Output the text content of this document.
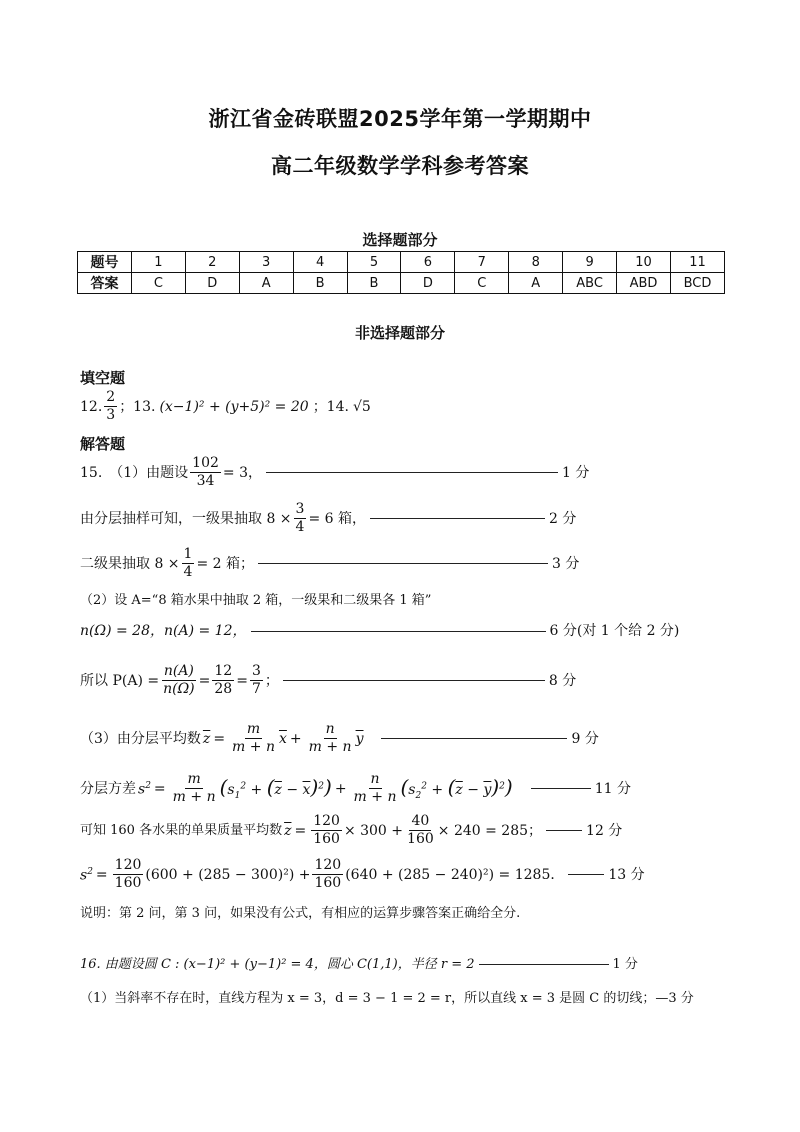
浙江省金砖联盟2025学年第一学期期中
高二年级数学学科参考答案
选择题部分
题号	1	2	3	4	5	6	7	8	9	10	11
答案	C	D	A	B	B	D	C	A	ABC	ABD	BCD
非选择题部分
填空题
12. $\frac{2}{3}$ ；13. (x−1)² + (y+5)² = 20 ；14. √5
解答题
15.　（1）由题设 $\frac{102}{34} = 3$，	1 分
由分层抽样可知，一级果抽取 $8 \times \frac{3}{4} = 6$ 箱，	2 分
二级果抽取 $8 \times \frac{1}{4} = 2$ 箱；	3 分
（2）设 A=“8 箱水果中抽取 2 箱，一级果和二级果各 1 箱”
n(Ω) = 28，n(A) = 12，	6 分(对 1 个给 2 分)
所以 $P(A) = \frac{n(A)}{n(\Omega)} = \frac{12}{28} = \frac{3}{7}$ ；	8 分
（3）由分层平均数 $\overline{z} = \frac{m}{m + n} \overline{x} + \frac{n}{m + n} \overline{y}$	9 分
分层方差 $s^2 = \frac{m}{m + n} (s_1^2 + (\overline{z} - \overline{x})^2) + \frac{n}{m + n} (s_2^2 + (\overline{z} - \overline{y})^2)$	11 分
可知 160 各水果的单果质量平均数 $\overline{z} = \frac{120}{160} \times 300 + \frac{40}{160} \times 240 = 285$；	12 分
$s^2 = \frac{120}{160} (600 + (285 - 300)^2) + \frac{120}{160} (640 + (285 - 240)^2) = 1285$．	13 分
说明：第 2 问，第 3 问，如果没有公式，有相应的运算步骤答案正确给全分.
16. 由题设圆 C : (x−1)² + (y−1)² = 4，圆心 C(1,1)，半径 r = 2	1 分
（1）当斜率不存在时，直线方程为 x = 3，d = 3 − 1 = 2 = r，所以直线 x = 3 是圆 C 的切线； —3 分
